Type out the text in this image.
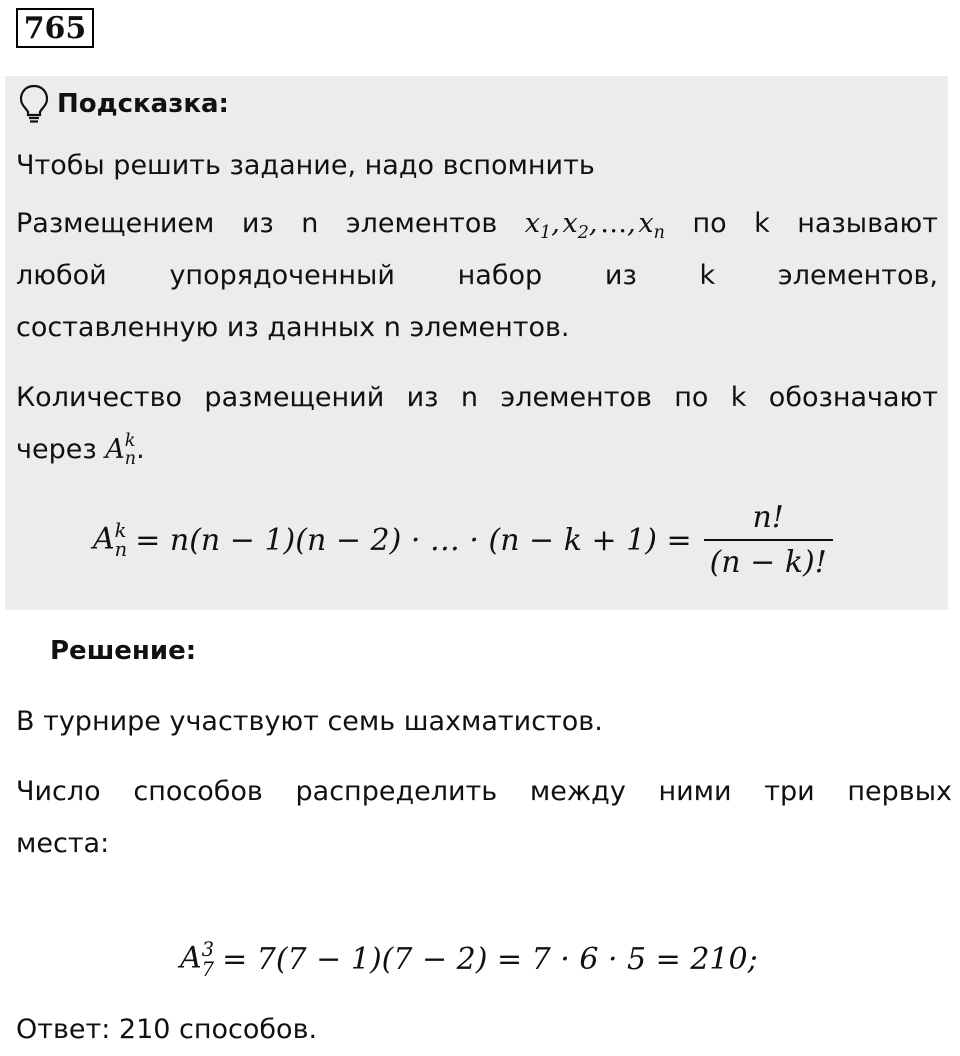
765
Подсказка:

Чтобы решить задание, надо вспомнить

Размещением из n элементов $x_1$, $x_2$, …, $x_n$ по k называют

любой упорядоченный набор из k элементов,

составленную из данных n элементов.

Количество размещений из n элементов по k обозначают

через A k
n .

A k
n = n(n − 1)(n − 2) · … · $(n - k + 1) = \frac{n!}{(n - k)!}$

Решение:

В турнире участвуют семь шахматистов.

Число способов распределить между ними три первых

места:

A 3
7 = 7(7 − 1)(7 − 2) = 7 · 6 · 5 = 210;

Ответ: 210 способов.
